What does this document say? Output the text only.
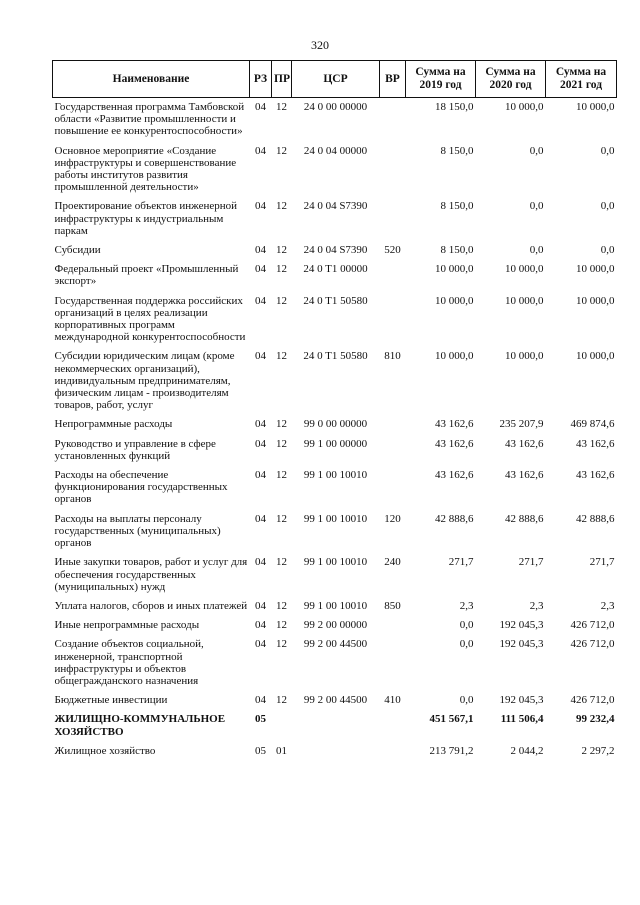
320
Наименование	РЗ	ПР	ЦСР	ВР	Сумма на 2019 год	Сумма на 2020 год	Сумма на 2021 год
Государственная программа Тамбовской области «Развитие промышленности и повышение ее конкурентоспособности»	04	12	24 0 00 00000		18 150,0	10 000,0	10 000,0
Основное мероприятие «Создание инфраструктуры и совершенствование работы институтов развития промышленной деятельности»	04	12	24 0 04 00000		8 150,0	0,0	0,0
Проектирование объектов инженерной инфраструктуры к индустриальным паркам	04	12	24 0 04 S7390		8 150,0	0,0	0,0
Субсидии	04	12	24 0 04 S7390	520	8 150,0	0,0	0,0
Федеральный проект «Промышленный экспорт»	04	12	24 0 T1 00000		10 000,0	10 000,0	10 000,0
Государственная поддержка российских организаций в целях реализации корпоративных программ международной конкурентоспособности	04	12	24 0 T1 50580		10 000,0	10 000,0	10 000,0
Субсидии юридическим лицам (кроме некоммерческих организаций), индивидуальным предпринимателям, физическим лицам - производителям товаров, работ, услуг	04	12	24 0 T1 50580	810	10 000,0	10 000,0	10 000,0
Непрограммные расходы	04	12	99 0 00 00000		43 162,6	235 207,9	469 874,6
Руководство и управление в сфере установленных функций	04	12	99 1 00 00000		43 162,6	43 162,6	43 162,6
Расходы на обеспечение функционирования государственных органов	04	12	99 1 00 10010		43 162,6	43 162,6	43 162,6
Расходы на выплаты персоналу государственных (муниципальных) органов	04	12	99 1 00 10010	120	42 888,6	42 888,6	42 888,6
Иные закупки товаров, работ и услуг для обеспечения государственных (муниципальных) нужд	04	12	99 1 00 10010	240	271,7	271,7	271,7
Уплата налогов, сборов и иных платежей	04	12	99 1 00 10010	850	2,3	2,3	2,3
Иные непрограммные расходы	04	12	99 2 00 00000		0,0	192 045,3	426 712,0
Создание объектов социальной, инженерной, транспортной инфраструктуры и объектов общегражданского назначения	04	12	99 2 00 44500		0,0	192 045,3	426 712,0
Бюджетные инвестиции	04	12	99 2 00 44500	410	0,0	192 045,3	426 712,0
ЖИЛИЩНО-КОММУНАЛЬНОЕ ХОЗЯЙСТВО	05				451 567,1	111 506,4	99 232,4
Жилищное хозяйство	05	01			213 791,2	2 044,2	2 297,2
